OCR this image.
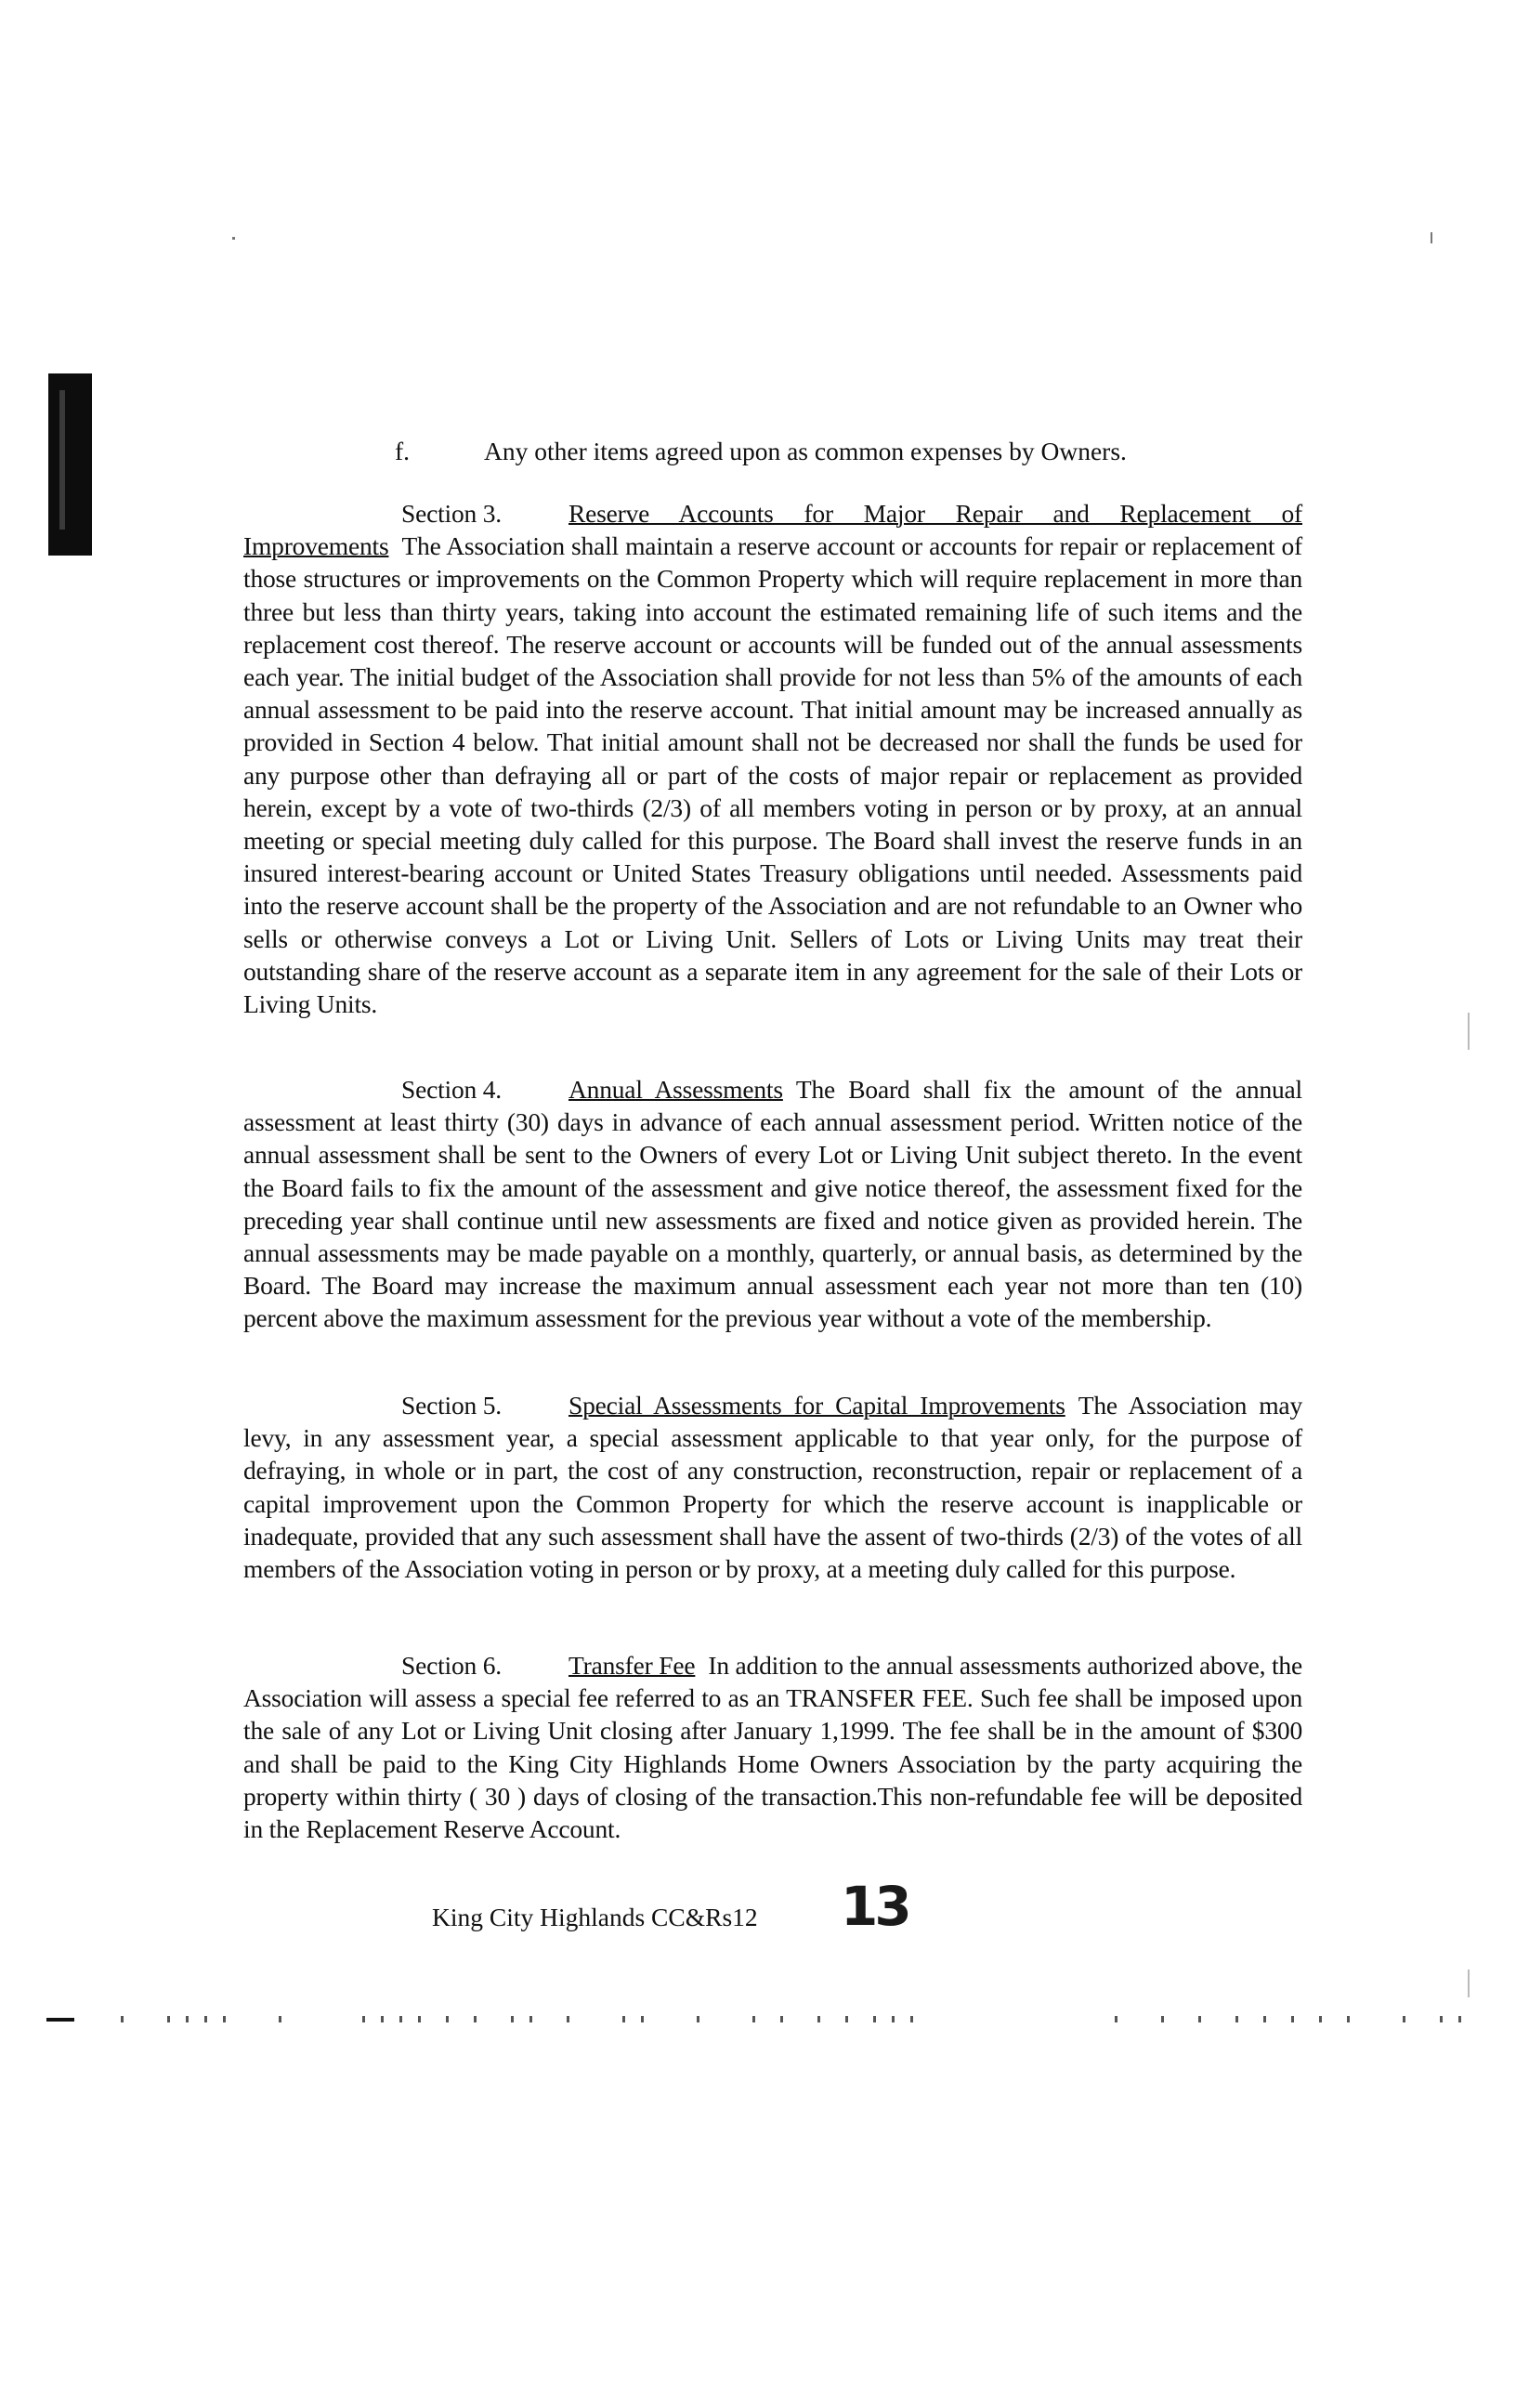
f.	Any other items agreed upon as common expenses by Owners.
Section 3.	Reserve Accounts for Major Repair and Replacement of Improvements The Association shall maintain a reserve account or accounts for repair or replacement of those structures or improvements on the Common Property which will require replacement in more than three but less than thirty years, taking into account the estimated remaining life of such items and the replacement cost thereof. The reserve account or accounts will be funded out of the annual assessments each year. The initial budget of the Association shall provide for not less than 5% of the amounts of each annual assessment to be paid into the reserve account. That initial amount may be increased annually as provided in Section 4 below. That initial amount shall not be decreased nor shall the funds be used for any purpose other than defraying all or part of the costs of major repair or replacement as provided herein, except by a vote of two-thirds (2/3) of all members voting in person or by proxy, at an annual meeting or special meeting duly called for this purpose. The Board shall invest the reserve funds in an insured interest-bearing account or United States Treasury obligations until needed. Assessments paid into the reserve account shall be the property of the Association and are not refundable to an Owner who sells or otherwise conveys a Lot or Living Unit. Sellers of Lots or Living Units may treat their outstanding share of the reserve account as a separate item in any agreement for the sale of their Lots or Living Units.
Section 4.	Annual Assessments The Board shall fix the amount of the annual assessment at least thirty (30) days in advance of each annual assessment period. Written notice of the annual assessment shall be sent to the Owners of every Lot or Living Unit subject thereto. In the event the Board fails to fix the amount of the assessment and give notice thereof, the assessment fixed for the preceding year shall continue until new assessments are fixed and notice given as provided herein. The annual assessments may be made payable on a monthly, quarterly, or annual basis, as determined by the Board. The Board may increase the maximum annual assessment each year not more than ten (10) percent above the maximum assessment for the previous year without a vote of the membership.
Section 5.	Special Assessments for Capital Improvements The Association may levy, in any assessment year, a special assessment applicable to that year only, for the purpose of defraying, in whole or in part, the cost of any construction, reconstruction, repair or replacement of a capital improvement upon the Common Property for which the reserve account is inapplicable or inadequate, provided that any such assessment shall have the assent of two-thirds (2/3) of the votes of all members of the Association voting in person or by proxy, at a meeting duly called for this purpose.
Section 6.	Transfer Fee In addition to the annual assessments authorized above, the Association will assess a special fee referred to as an TRANSFER FEE. Such fee shall be imposed upon the sale of any Lot or Living Unit closing after January 1,1999. The fee shall be in the amount of $300 and shall be paid to the King City Highlands Home Owners Association by the party acquiring the property within thirty ( 30 ) days of closing of the transaction.This non-refundable fee will be deposited in the Replacement Reserve Account.
King City Highlands CC&Rs12 13
